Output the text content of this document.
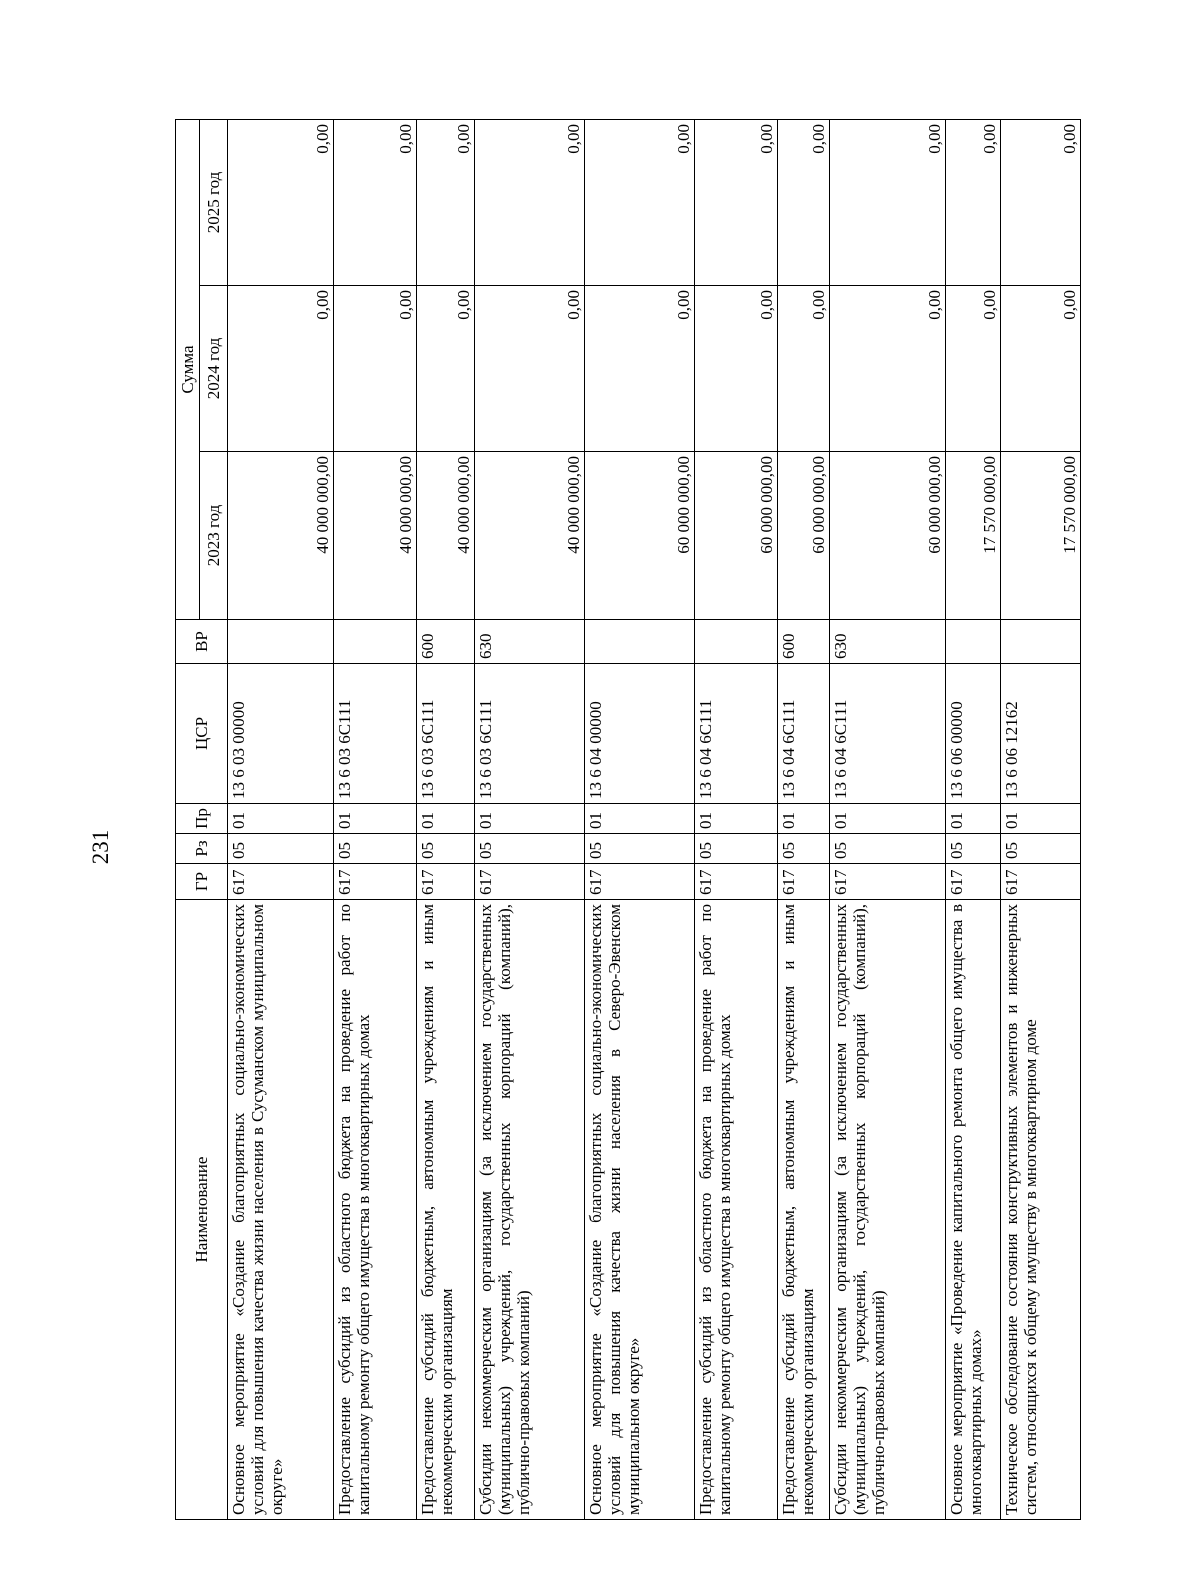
231
Наименование	ГР	Рз	Пр	ЦСР	ВР	Сумма		
						2023 год	2024 год	2025 год
Основное мероприятие «Создание благоприятных социально-экономических условий для повышения качества жизни населения в Сусуманском муниципальном округе»	617	05	01	13 6 03 00000		40 000 000,00	0,00	0,00
Предоставление субсидий из областного бюджета на проведение работ по капитальному ремонту общего имущества в многоквартирных домах	617	05	01	13 6 03 6С111		40 000 000,00	0,00	0,00
Предоставление субсидий бюджетным, автономным учреждениям и иным некоммерческим организациям	617	05	01	13 6 03 6С111	600	40 000 000,00	0,00	0,00
Субсидии некоммерческим организациям (за исключением государственных (муниципальных) учреждений, государственных корпораций (компаний), публично-правовых компаний)	617	05	01	13 6 03 6С111	630	40 000 000,00	0,00	0,00
Основное мероприятие «Создание благоприятных социально-экономических условий для повышения качества жизни населения в Северо-Эвенском муниципальном округе»	617	05	01	13 6 04 00000		60 000 000,00	0,00	0,00
Предоставление субсидий из областного бюджета на проведение работ по капитальному ремонту общего имущества в многоквартирных домах	617	05	01	13 6 04 6С111		60 000 000,00	0,00	0,00
Предоставление субсидий бюджетным, автономным учреждениям и иным некоммерческим организациям	617	05	01	13 6 04 6С111	600	60 000 000,00	0,00	0,00
Субсидии некоммерческим организациям (за исключением государственных (муниципальных) учреждений, государственных корпораций (компаний), публично-правовых компаний)	617	05	01	13 6 04 6С111	630	60 000 000,00	0,00	0,00
Основное мероприятие «Проведение капитального ремонта общего имущества в многоквартирных домах»	617	05	01	13 6 06 00000		17 570 000,00	0,00	0,00
Техническое обследование состояния конструктивных элементов и инженерных систем, относящихся к общему имуществу в многоквартирном доме	617	05	01	13 6 06 12162		17 570 000,00	0,00	0,00
